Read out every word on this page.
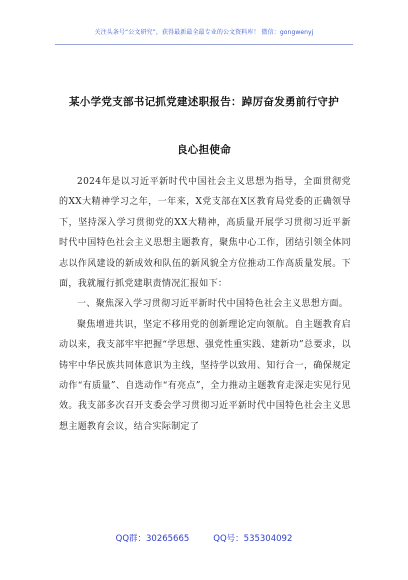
关注头条号“公文研究”，获得最新最全最专业的公文资料库！ 微信：gongwenyj
某小学党支部书记抓党建述职报告：踔厉奋发勇前行守护
良心担使命

2024年是以习近平新时代中国社会主义思想为指导，全面贯彻党的XX大精神学习之年，一年来，X党支部在X区教育局党委的正确领导下，坚持深入学习贯彻党的XX大精神，高质量开展学习贯彻习近平新时代中国特色社会主义思想主题教育，聚焦中心工作，团结引领全体同志以作风建设的新成效和队伍的新风貌全方位推动工作高质量发展。下面，我就履行抓党建职责情况汇报如下：

一、聚焦深入学习贯彻习近平新时代中国特色社会主义思想方面。

聚焦增进共识，坚定不移用党的创新理论定向领航。自主题教育启动以来，我支部牢牢把握“学思想、强党性重实践、建新功”总要求，以铸牢中华民族共同体意识为主线，坚持学以致用、知行合一，确保规定动作“有质量”、自选动作“有亮点”，全力推动主题教育走深走实见行见效。我支部多次召开支委会学习贯彻习近平新时代中国特色社会主义思想主题教育会议，结合实际制定了

QQ群：30265665	QQ号：535304092
